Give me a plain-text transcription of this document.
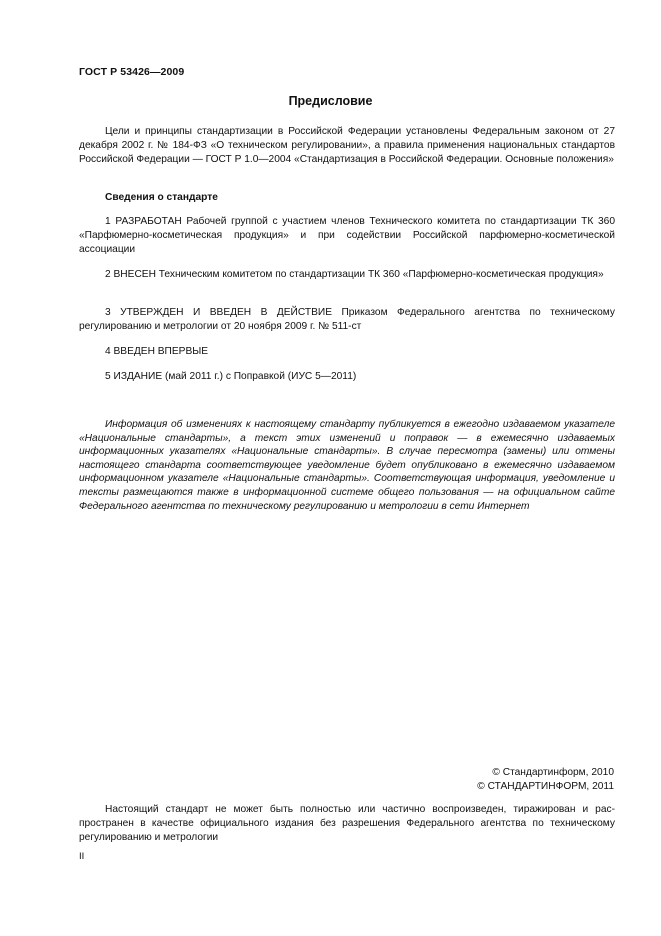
ГОСТ Р 53426—2009
Предисловие
Цели и принципы стандартизации в Российской Федерации установлены Федеральным законом от 27 декабря 2002 г. № 184-ФЗ «О техническом регулировании», а правила применения национальных стандартов Российской Федерации — ГОСТ Р 1.0—2004 «Стандартизация в Российской Федерации. Основные положения»
Сведения о стандарте
1 РАЗРАБОТАН Рабочей группой с участием членов Технического комитета по стандартизации ТК 360 «Парфюмерно-косметическая продукция» и при содействии Российской парфюмерно-косметической ассоциации
2 ВНЕСЕН Техническим комитетом по стандартизации ТК 360 «Парфюмерно-косметическая продукция»
3 УТВЕРЖДЕН И ВВЕДЕН В ДЕЙСТВИЕ Приказом Федерального агентства по техническому регулированию и метрологии от 20 ноября 2009 г. № 511-ст
4 ВВЕДЕН ВПЕРВЫЕ
5 ИЗДАНИЕ (май 2011 г.) с Поправкой (ИУС 5—2011)
Информация об изменениях к настоящему стандарту публикуется в ежегодно издаваемом указателе «Национальные стандарты», а текст этих изменений и поправок — в ежемесячно издаваемых информационных указателях «Национальные стандарты». В случае пересмотра (замены) или отмены настоящего стандарта соответствующее уведомление будет опубликовано в ежемесячно издаваемом информационном указателе «Национальные стандарты». Соответствующая информация, уведомление и тексты размещаются также в информационной системе общего пользования — на официальном сайте Федерального агентства по техническому регулированию и метрологии в сети Интернет
© Стандартинформ, 2010
© СТАНДАРТИНФОРМ, 2011
Настоящий стандарт не может быть полностью или частично воспроизведен, тиражирован и распространен в качестве официального издания без разрешения Федерального агентства по техническому регулированию и метрологии
II
